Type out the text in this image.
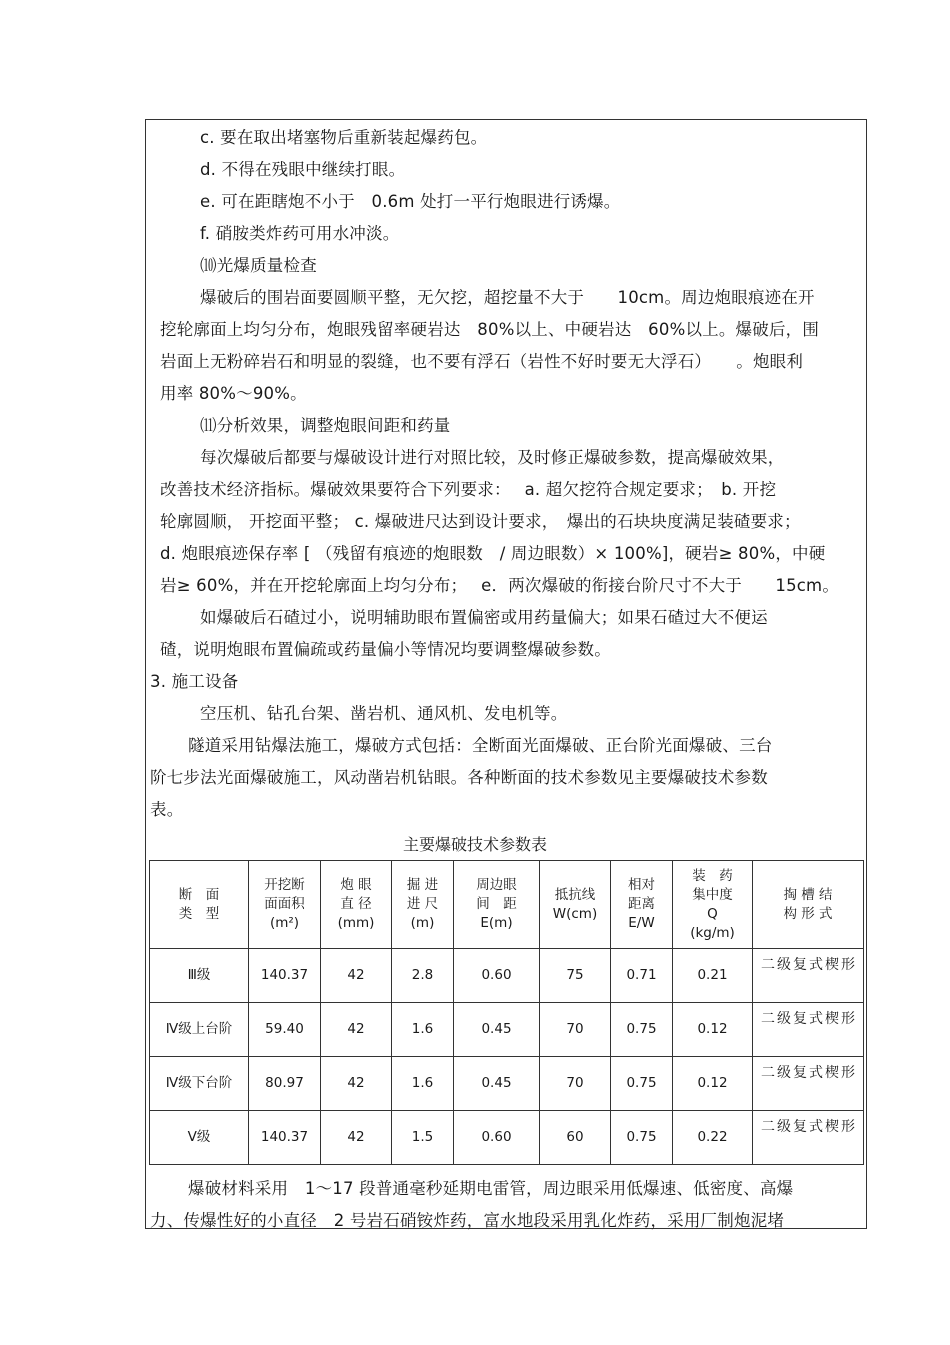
c. 要在取出堵塞物后重新装起爆药包。
d. 不得在残眼中继续打眼。
e. 可在距瞎炮不小于　0.6m 处打一平行炮眼进行诱爆。
f. 硝胺类炸药可用水冲淡。
⑽光爆质量检查
爆破后的围岩面要圆顺平整，无欠挖，超挖量不大于　　10cm。周边炮眼痕迹在开
挖轮廓面上均匀分布，炮眼残留率硬岩达　80%以上、中硬岩达　60%以上。爆破后，围
岩面上无粉碎岩石和明显的裂缝，也不要有浮石（岩性不好时要无大浮石）　　。炮眼利
用率 80%～90%。
⑾分析效果，调整炮眼间距和药量
每次爆破后都要与爆破设计进行对照比较，及时修正爆破参数，提高爆破效果，
改善技术经济指标。爆破效果要符合下列要求：　 a. 超欠挖符合规定要求；　b. 开挖
轮廓圆顺， 开挖面平整； c. 爆破进尺达到设计要求，　爆出的石块块度满足装碴要求；
d. 炮眼痕迹保存率 [ （残留有痕迹的炮眼数　/ 周边眼数）× 100%]，硬岩≥ 80%，中硬
岩≥ 60%，并在开挖轮廓面上均匀分布；　 e．两次爆破的衔接台阶尺寸不大于　　15cm。
如爆破后石碴过小，说明辅助眼布置偏密或用药量偏大；如果石碴过大不便运
碴，说明炮眼布置偏疏或药量偏小等情况均要调整爆破参数。
3. 施工设备
空压机、钻孔台架、凿岩机、通风机、发电机等。
隧道采用钻爆法施工，爆破方式包括：全断面光面爆破、正台阶光面爆破、三台
阶七步法光面爆破施工，风动凿岩机钻眼。各种断面的技术参数见主要爆破技术参数
表。
主要爆破技术参数表
断　面
类　型	开挖断
面面积
(m²)	炮 眼
直 径
(mm)	掘 进
进 尺
(m)	周边眼
间　距
E(m)	抵抗线
W(cm)	相对
距离
E/W	装　药
集中度
Q
(kg/m)	掏 槽 结
构 形 式

Ⅲ级	140.37	42	2.8	0.60	75	0.71	0.21	二级复式楔形
Ⅳ级上台阶	59.40	42	1.6	0.45	70	0.75	0.12	二级复式楔形
Ⅳ级下台阶	80.97	42	1.6	0.45	70	0.75	0.12	二级复式楔形
Ⅴ级	140.37	42	1.5	0.60	60	0.75	0.22	二级复式楔形
爆破材料采用　1～17 段普通毫秒延期电雷管，周边眼采用低爆速、低密度、高爆
力、传爆性好的小直径　2 号岩石硝铵炸药，富水地段采用乳化炸药，采用厂制炮泥堵
